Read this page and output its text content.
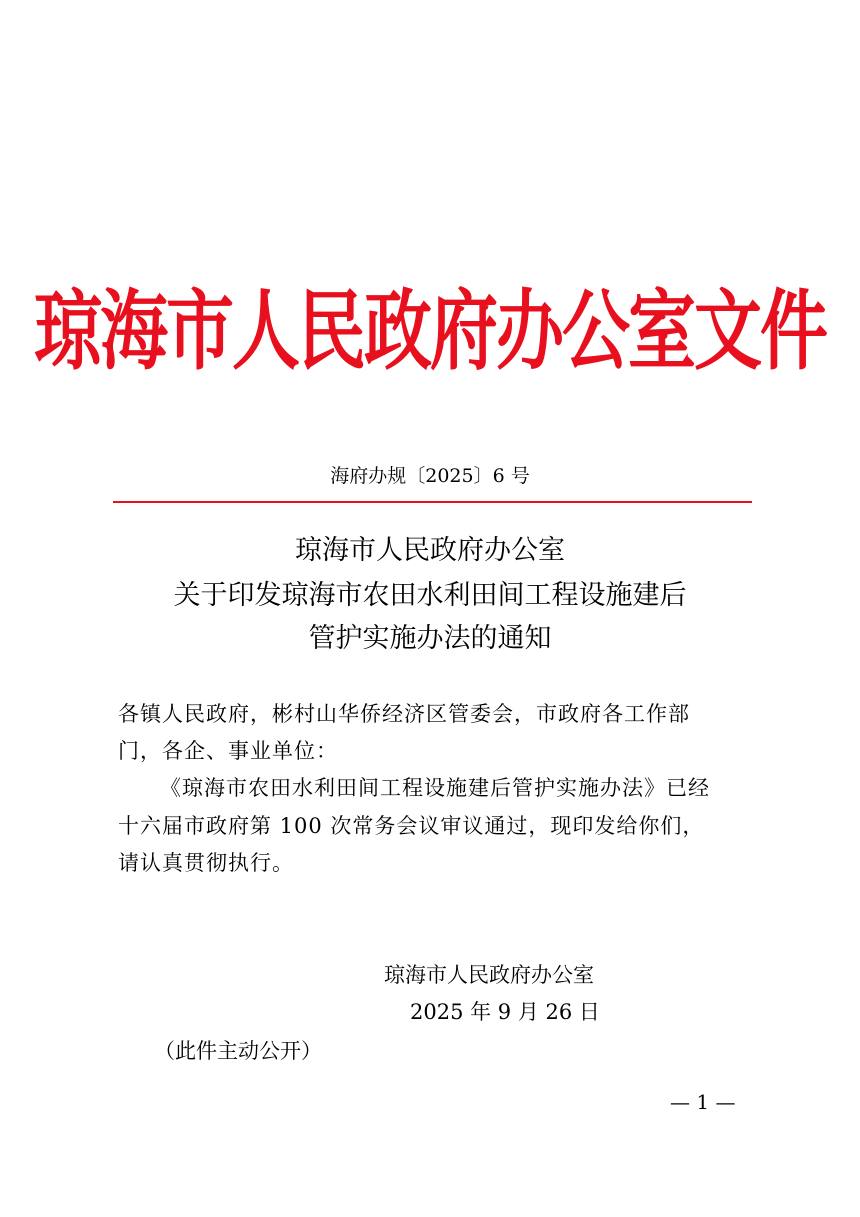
琼海市人民政府办公室文件
海府办规〔2025〕6 号
琼海市人民政府办公室
关于印发琼海市农田水利田间工程设施建后
管护实施办法的通知
各镇人民政府，彬村山华侨经济区管委会，市政府各工作部
门，各企、事业单位：
《琼海市农田水利田间工程设施建后管护实施办法》已经
十六届市政府第 100 次常务会议审议通过，现印发给你们，
请认真贯彻执行。
琼海市人民政府办公室
2025 年 9 月 26 日
（此件主动公开）
— 1 —
